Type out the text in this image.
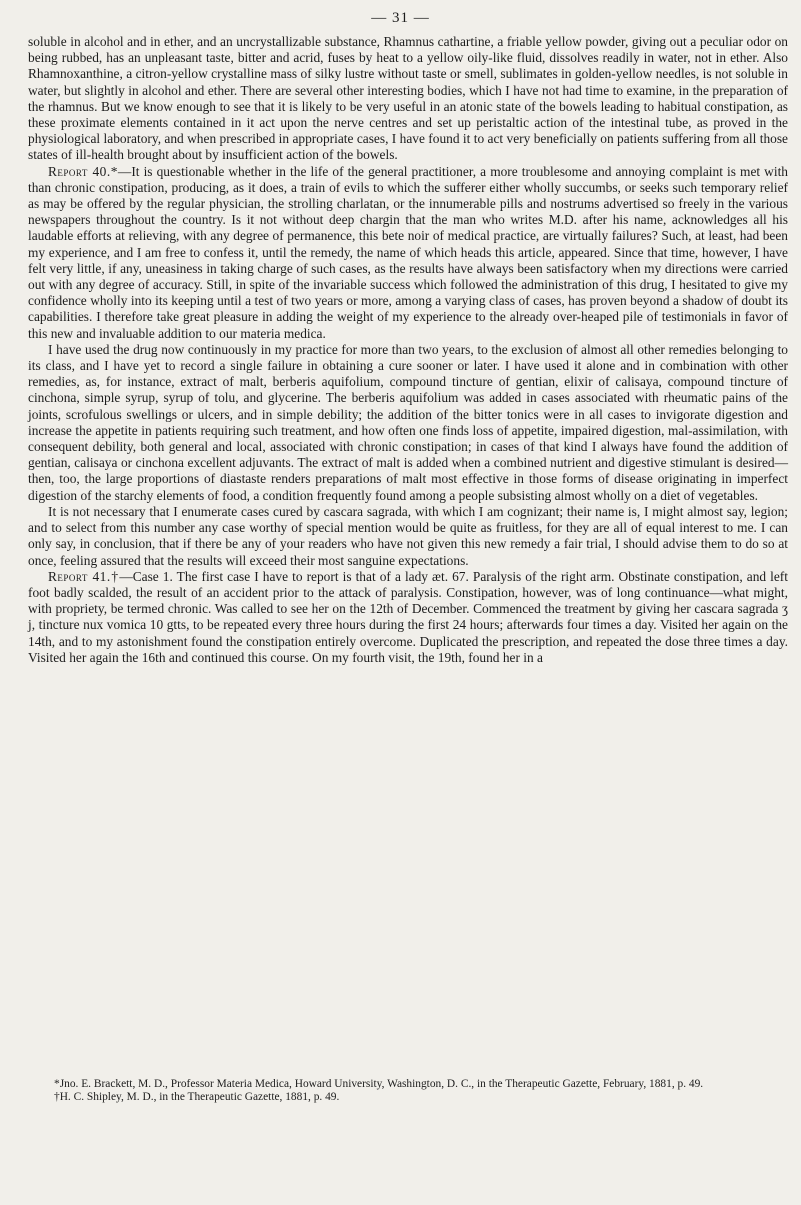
— 31 —

soluble in alcohol and in ether, and an uncrystallizable substance, Rhamnus cathartine, a friable yellow powder, giving out a peculiar odor on being rubbed, has an unpleasant taste, bitter and acrid, fuses by heat to a yellow oily-like fluid, dissolves readily in water, not in ether. Also Rhamnoxanthine, a citron-yellow crystalline mass of silky lustre without taste or smell, sublimates in golden-yellow needles, is not soluble in water, but slightly in alcohol and ether. There are several other interesting bodies, which I have not had time to examine, in the preparation of the rhamnus. But we know enough to see that it is likely to be very useful in an atonic state of the bowels leading to habitual constipation, as these proximate elements contained in it act upon the nerve centres and set up peristaltic action of the intestinal tube, as proved in the physiological laboratory, and when prescribed in appropriate cases, I have found it to act very beneficially on patients suffering from all those states of ill-health brought about by insufficient action of the bowels.

Report 40.*—It is questionable whether in the life of the general practitioner, a more troublesome and annoying complaint is met with than chronic constipation, producing, as it does, a train of evils to which the sufferer either wholly succumbs, or seeks such temporary relief as may be offered by the regular physician, the strolling charlatan, or the innumerable pills and nostrums advertised so freely in the various newspapers throughout the country. Is it not without deep chargin that the man who writes M.D. after his name, acknowledges all his laudable efforts at relieving, with any degree of permanence, this bete noir of medical practice, are virtually failures? Such, at least, had been my experience, and I am free to confess it, until the remedy, the name of which heads this article, appeared. Since that time, however, I have felt very little, if any, uneasiness in taking charge of such cases, as the results have always been satisfactory when my directions were carried out with any degree of accuracy. Still, in spite of the invariable success which followed the administration of this drug, I hesitated to give my confidence wholly into its keeping until a test of two years or more, among a varying class of cases, has proven beyond a shadow of doubt its capabilities. I therefore take great pleasure in adding the weight of my experience to the already over-heaped pile of testimonials in favor of this new and invaluable addition to our materia medica.

I have used the drug now continuously in my practice for more than two years, to the exclusion of almost all other remedies belonging to its class, and I have yet to record a single failure in obtaining a cure sooner or later. I have used it alone and in combination with other remedies, as, for instance, extract of malt, berberis aquifolium, compound tincture of gentian, elixir of calisaya, compound tincture of cinchona, simple syrup, syrup of tolu, and glycerine. The berberis aquifolium was added in cases associated with rheumatic pains of the joints, scrofulous swellings or ulcers, and in simple debility; the addition of the bitter tonics were in all cases to invigorate digestion and increase the appetite in patients requiring such treatment, and how often one finds loss of appetite, impaired digestion, mal-assimilation, with consequent debility, both general and local, associated with chronic constipation; in cases of that kind I always have found the addition of gentian, calisaya or cinchona excellent adjuvants. The extract of malt is added when a combined nutrient and digestive stimulant is desired—then, too, the large proportions of diastaste renders preparations of malt most effective in those forms of disease originating in imperfect digestion of the starchy elements of food, a condition frequently found among a people subsisting almost wholly on a diet of vegetables.

It is not necessary that I enumerate cases cured by cascara sagrada, with which I am cognizant; their name is, I might almost say, legion; and to select from this number any case worthy of special mention would be quite as fruitless, for they are all of equal interest to me. I can only say, in conclusion, that if there be any of your readers who have not given this new remedy a fair trial, I should advise them to do so at once, feeling assured that the results will exceed their most sanguine expectations.

Report 41.†—Case 1. The first case I have to report is that of a lady æt. 67. Paralysis of the right arm. Obstinate constipation, and left foot badly scalded, the result of an accident prior to the attack of paralysis. Constipation, however, was of long continuance—what might, with propriety, be termed chronic. Was called to see her on the 12th of December. Commenced the treatment by giving her cascara sagrada ʒ j, tincture nux vomica 10 gtts, to be repeated every three hours during the first 24 hours; afterwards four times a day. Visited her again on the 14th, and to my astonishment found the constipation entirely overcome. Duplicated the prescription, and repeated the dose three times a day. Visited her again the 16th and continued this course. On my fourth visit, the 19th, found her in a

*Jno. E. Brackett, M. D., Professor Materia Medica, Howard University, Washington, D. C., in the Therapeutic Gazette, February, 1881, p. 49.

†H. C. Shipley, M. D., in the Therapeutic Gazette, 1881, p. 49.
